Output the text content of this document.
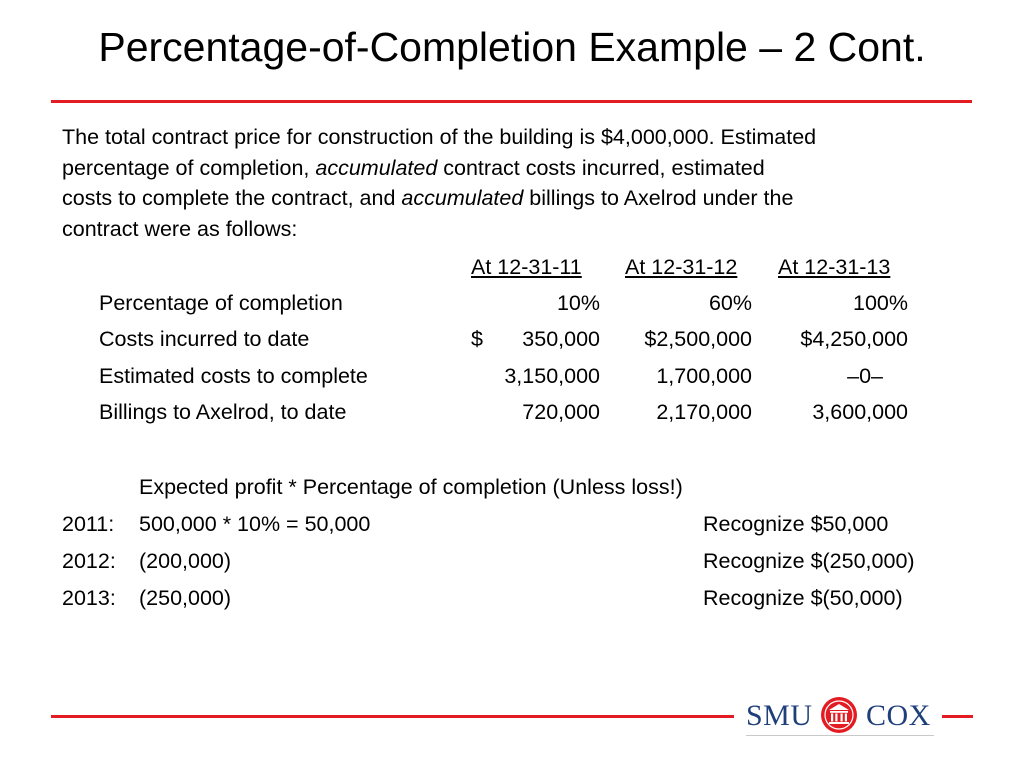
Percentage-of-Completion Example – 2 Cont.
The total contract price for construction of the building is $4,000,000. Estimated
percentage of completion, accumulated contract costs incurred, estimated
costs to complete the contract, and accumulated billings to Axelrod under the
contract were as follows:
At 12-31-11 At 12-31-12 At 12-31-13
Percentage of completion	10%	60%	100%
Costs incurred to date	$ 350,000 $2,500,000 $4,250,000
Estimated costs to complete	3,150,000	1,700,000	–0–
Billings to Axelrod, to date	720,000	2,170,000	3,600,000
Expected profit * Percentage of completion (Unless loss!)
2011: 500,000 * 10% = 50,000	Recognize $50,000
2012: (200,000)	Recognize $(250,000)
2013: (250,000)	Recognize $(50,000)
SMU COX
